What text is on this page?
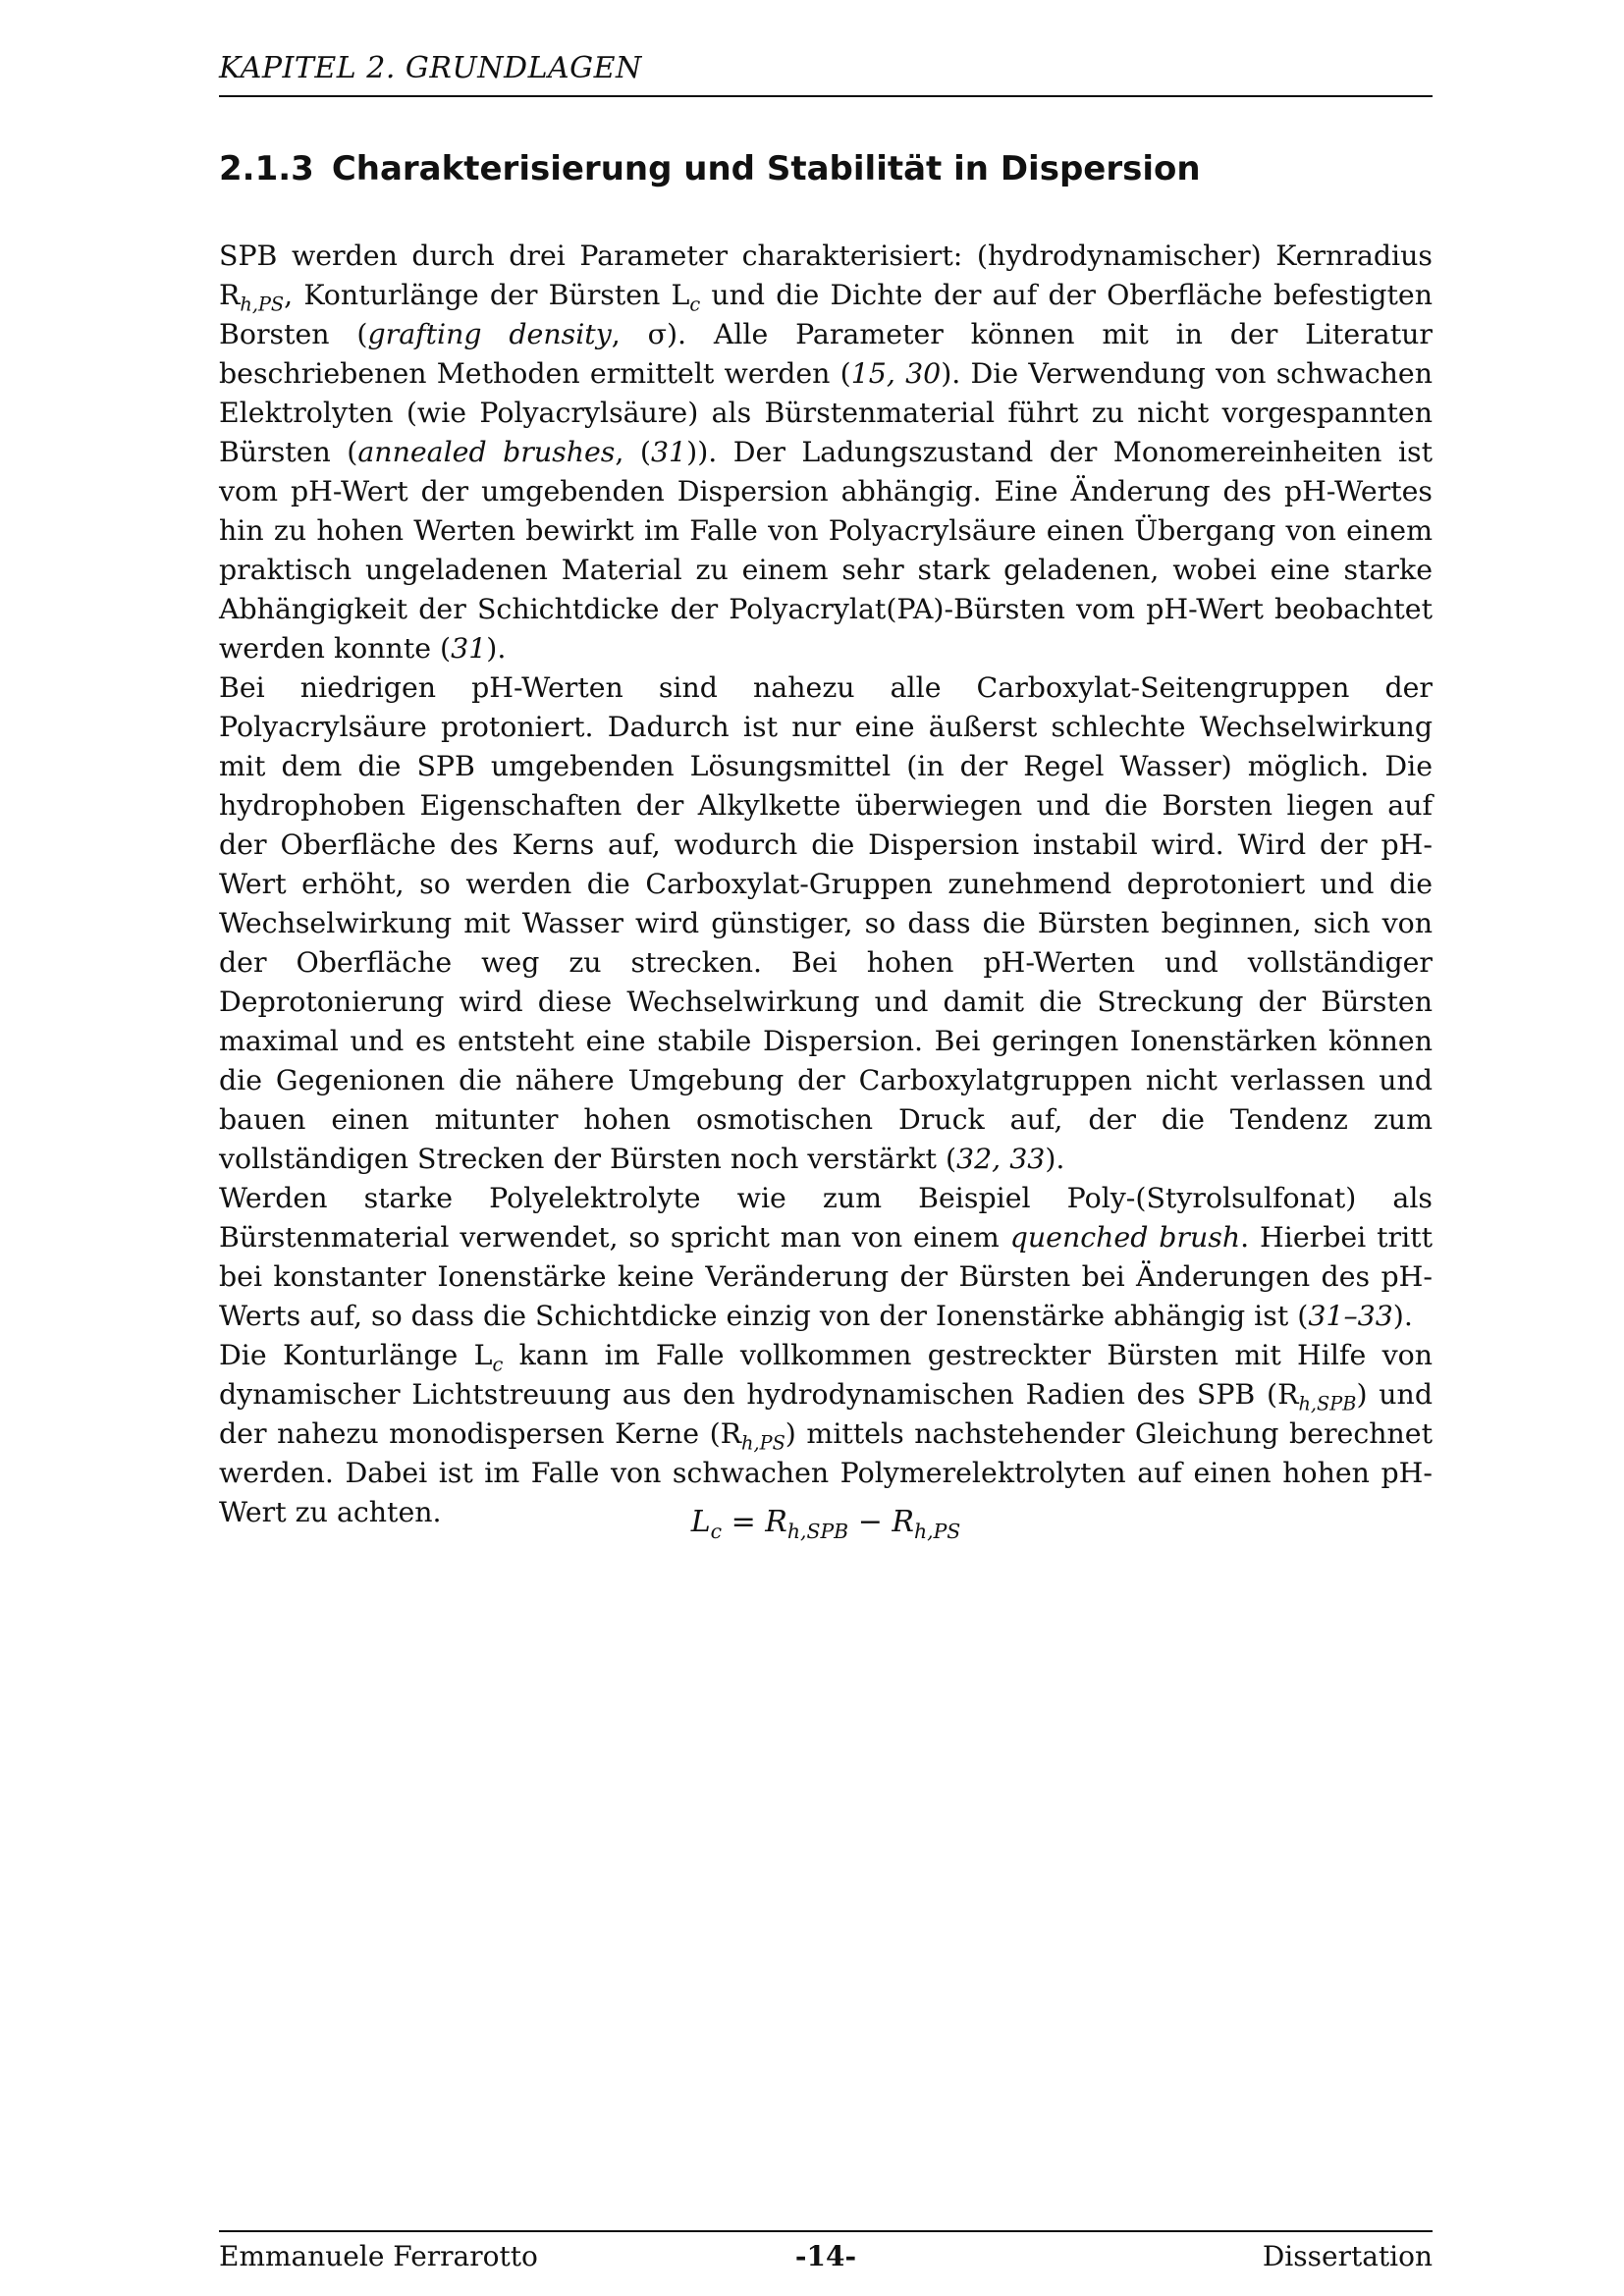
KAPITEL 2. GRUNDLAGEN
2.1.3 Charakterisierung und Stabilität in Dispersion

SPB werden durch drei Parameter charakterisiert: (hydrodynamischer) Kernradius $R_{h,PS}$, Konturlänge der Bürsten $L_c$ und die Dichte der auf der Oberfläche befestigten Borsten (grafting density, σ). Alle Parameter können mit in der Literatur beschriebenen Methoden ermittelt werden (15, 30). Die Verwendung von schwachen Elektrolyten (wie Polyacrylsäure) als Bürstenmaterial führt zu nicht vorgespannten Bürsten (annealed brushes, (31)). Der Ladungszustand der Monomereinheiten ist vom pH-Wert der umgebenden Dispersion abhängig. Eine Änderung des pH-Wertes hin zu hohen Werten bewirkt im Falle von Polyacrylsäure einen Übergang von einem praktisch ungeladenen Material zu einem sehr stark geladenen, wobei eine starke Abhängigkeit der Schichtdicke der Polyacrylat(PA)-Bürsten vom pH-Wert beobachtet werden konnte (31).

Bei niedrigen pH-Werten sind nahezu alle Carboxylat-Seitengruppen der Polyacrylsäure protoniert. Dadurch ist nur eine äußerst schlechte Wechselwirkung mit dem die SPB umgebenden Lösungsmittel (in der Regel Wasser) möglich. Die hydrophoben Eigenschaften der Alkylkette überwiegen und die Borsten liegen auf der Oberfläche des Kerns auf, wodurch die Dispersion instabil wird. Wird der pH-Wert erhöht, so werden die Carboxylat-Gruppen zunehmend deprotoniert und die Wechselwirkung mit Wasser wird günstiger, so dass die Bürsten beginnen, sich von der Oberfläche weg zu strecken. Bei hohen pH-Werten und vollständiger Deprotonierung wird diese Wechselwirkung und damit die Streckung der Bürsten maximal und es entsteht eine stabile Dispersion. Bei geringen Ionenstärken können die Gegenionen die nähere Umgebung der Carboxylatgruppen nicht verlassen und bauen einen mitunter hohen osmotischen Druck auf, der die Tendenz zum vollständigen Strecken der Bürsten noch verstärkt (32, 33).

Werden starke Polyelektrolyte wie zum Beispiel Poly-(Styrolsulfonat) als Bürstenmaterial verwendet, so spricht man von einem quenched brush. Hierbei tritt bei konstanter Ionenstärke keine Veränderung der Bürsten bei Änderungen des pH-Werts auf, so dass die Schichtdicke einzig von der Ionenstärke abhängig ist (31–33).

Die Konturlänge $L_c$ kann im Falle vollkommen gestreckter Bürsten mit Hilfe von dynamischer Lichtstreuung aus den hydrodynamischen Radien des SPB $(R_{h,SPB})$ und der nahezu monodispersen Kerne $(R_{h,PS})$ mittels nachstehender Gleichung berechnet werden. Dabei ist im Falle von schwachen Polymerelektrolyten auf einen hohen pH-Wert zu achten.	$L_c = R_{h,SPB} - R_{h,PS}$
Emmanuele Ferrarotto	-14-	Dissertation
